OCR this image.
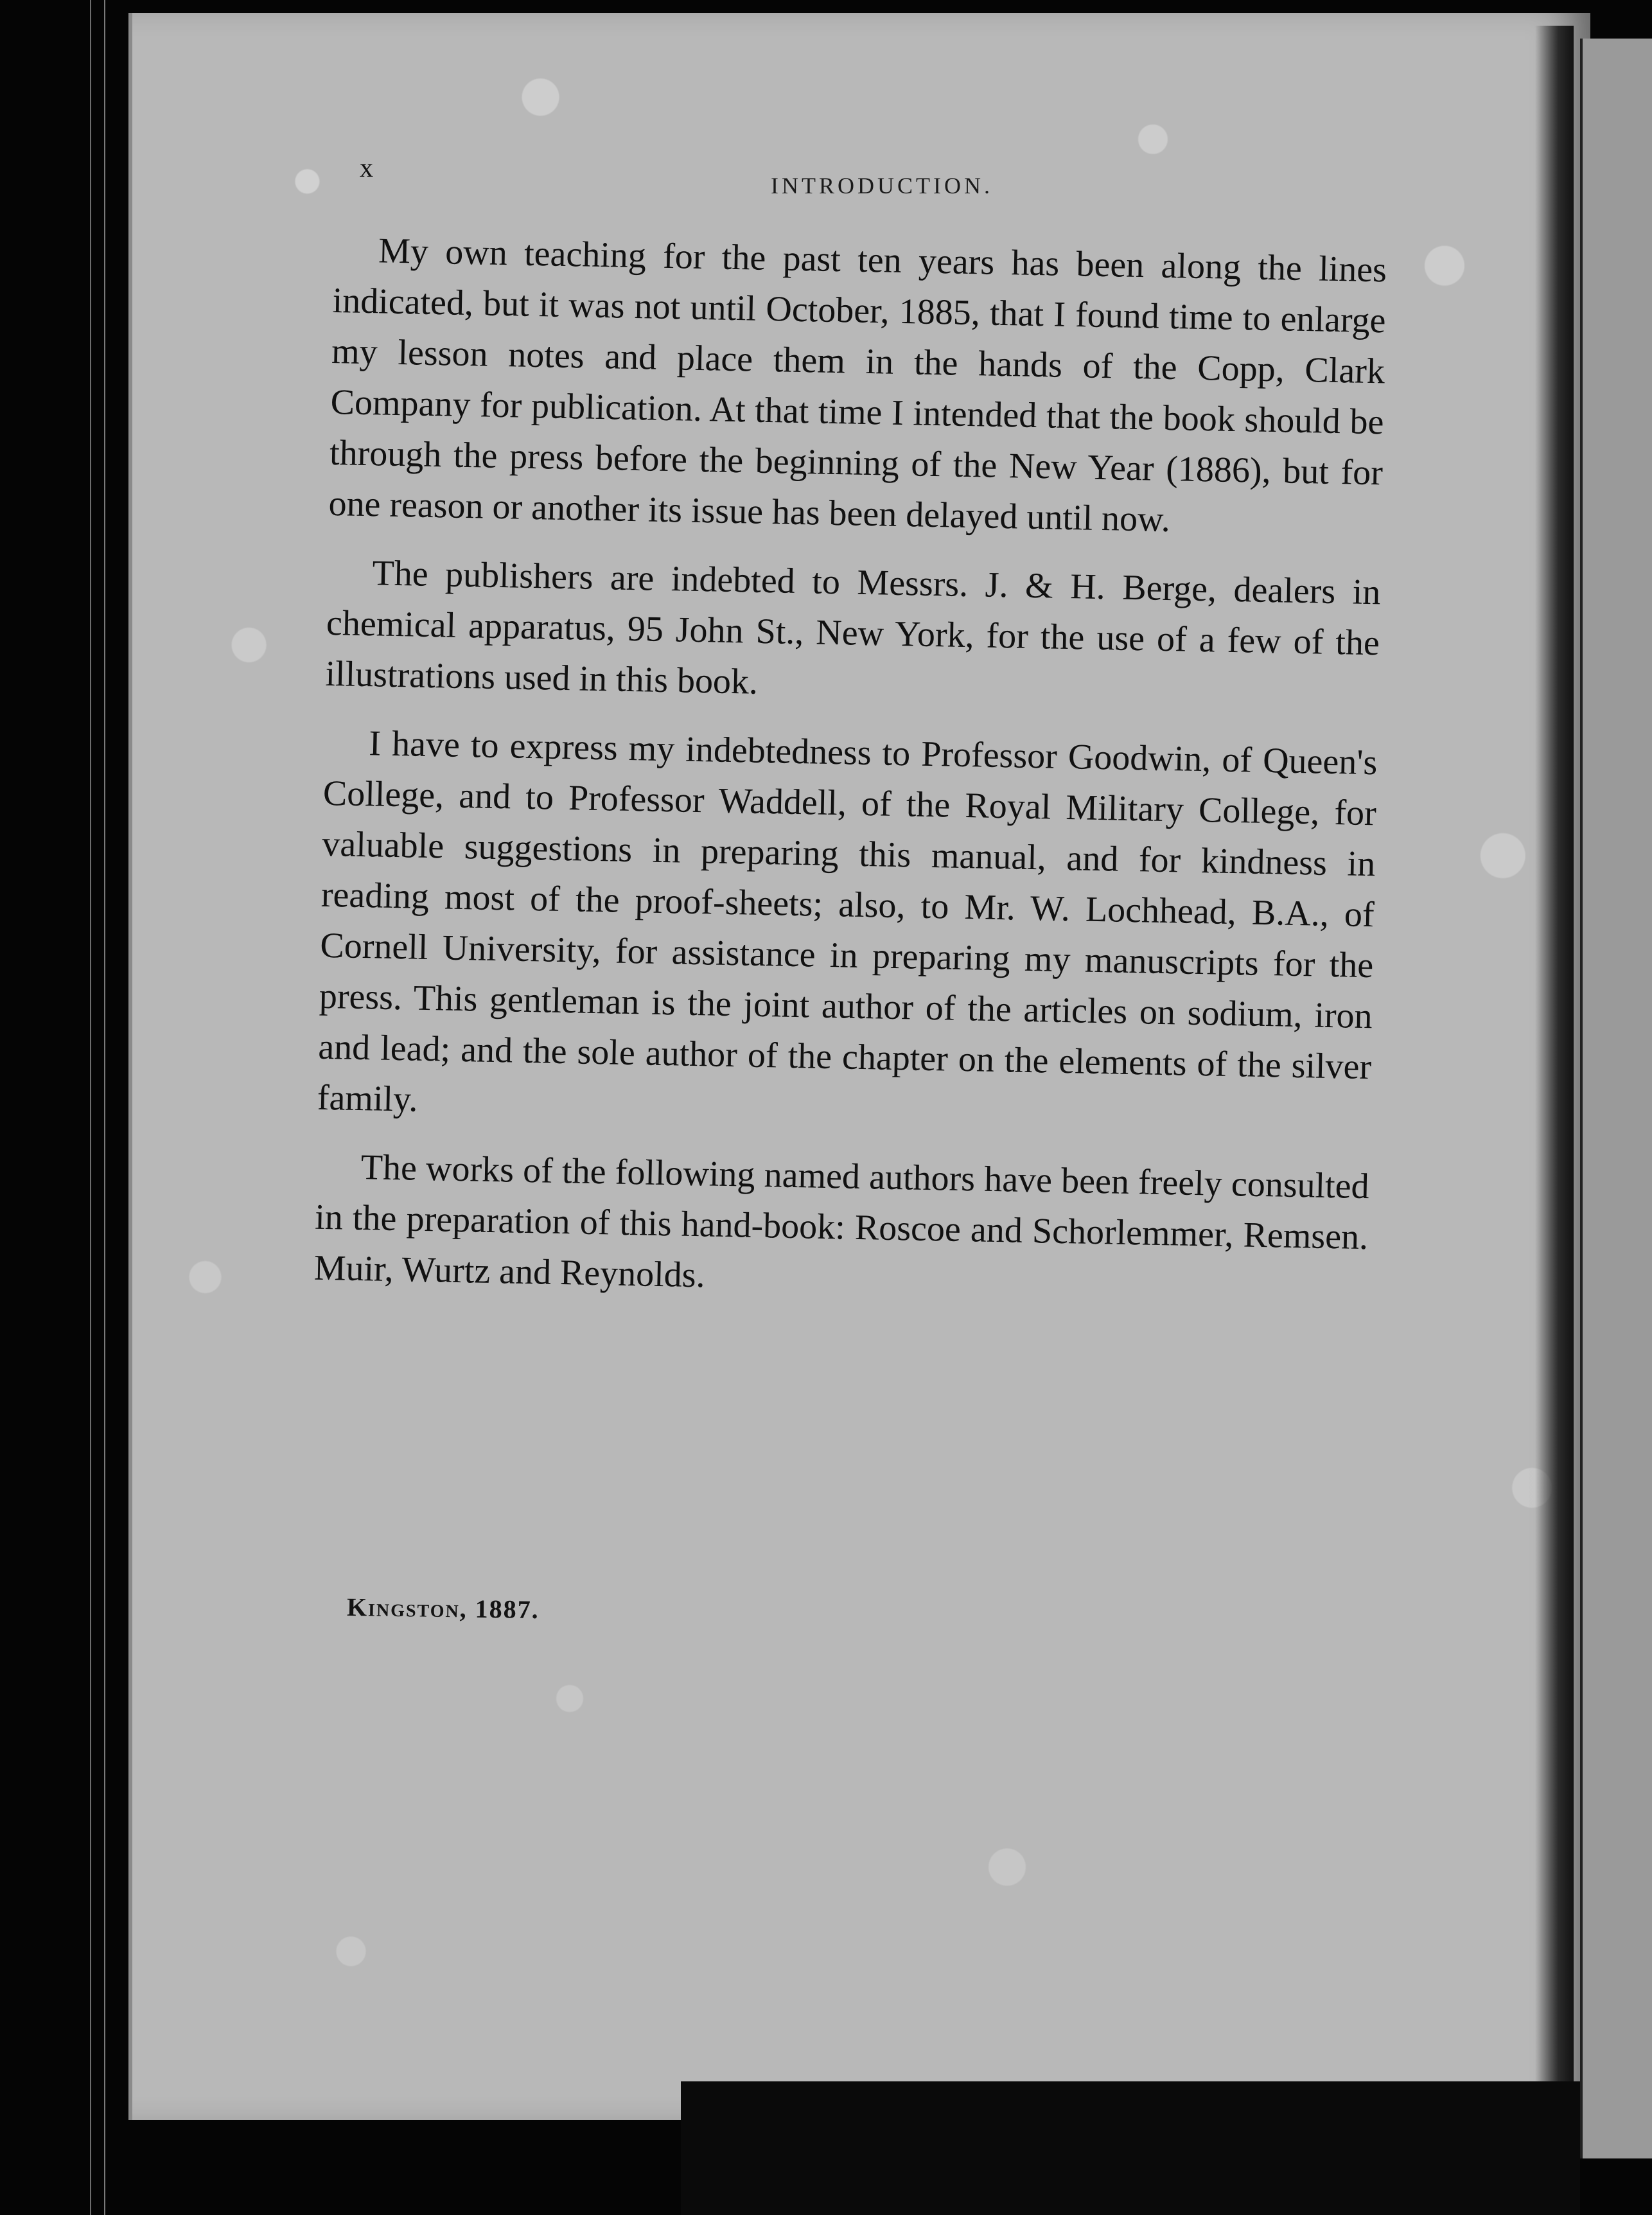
x
INTRODUCTION.

My own teaching for the past ten years has been along the lines indicated, but it was not until October, 1885, that I found time to enlarge my lesson notes and place them in the hands of the Copp, Clark Company for publication. At that time I intended that the book should be through the press before the beginning of the New Year (1886), but for one reason or another its issue has been delayed until now.

The publishers are indebted to Messrs. J. & H. Berge, dealers in chemical apparatus, 95 John St., New York, for the use of a few of the illustrations used in this book.

I have to express my indebtedness to Professor Goodwin, of Queen's College, and to Professor Waddell, of the Royal Military College, for valuable suggestions in preparing this manual, and for kindness in reading most of the proof-sheets; also, to Mr. W. Lochhead, B.A., of Cornell University, for assistance in preparing my manuscripts for the press. This gentleman is the joint author of the articles on sodium, iron and lead; and the sole author of the chapter on the elements of the silver family.

The works of the following named authors have been freely consulted in the preparation of this hand-book: Roscoe and Schorlemmer, Remsen. Muir, Wurtz and Reynolds.

Kingston, 1887.
